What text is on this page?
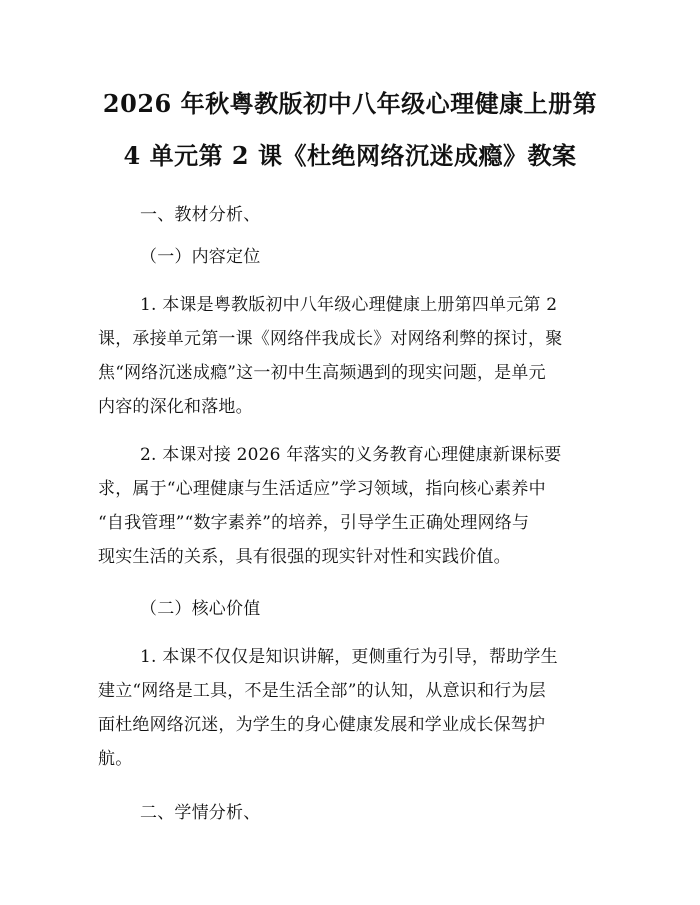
2026 年秋粤教版初中八年级心理健康上册第
4 单元第 2 课《杜绝网络沉迷成瘾》教案
一、教材分析、
（一）内容定位
1. 本课是粤教版初中八年级心理健康上册第四单元第 2
课，承接单元第一课《网络伴我成长》对网络利弊的探讨，聚
焦“网络沉迷成瘾”这一初中生高频遇到的现实问题，是单元
内容的深化和落地。
2. 本课对接 2026 年落实的义务教育心理健康新课标要
求，属于“心理健康与生活适应”学习领域，指向核心素养中
“自我管理”“数字素养”的培养，引导学生正确处理网络与
现实生活的关系，具有很强的现实针对性和实践价值。
（二）核心价值
1. 本课不仅仅是知识讲解，更侧重行为引导，帮助学生
建立“网络是工具，不是生活全部”的认知，从意识和行为层
面杜绝网络沉迷，为学生的身心健康发展和学业成长保驾护
航。
二、学情分析、
